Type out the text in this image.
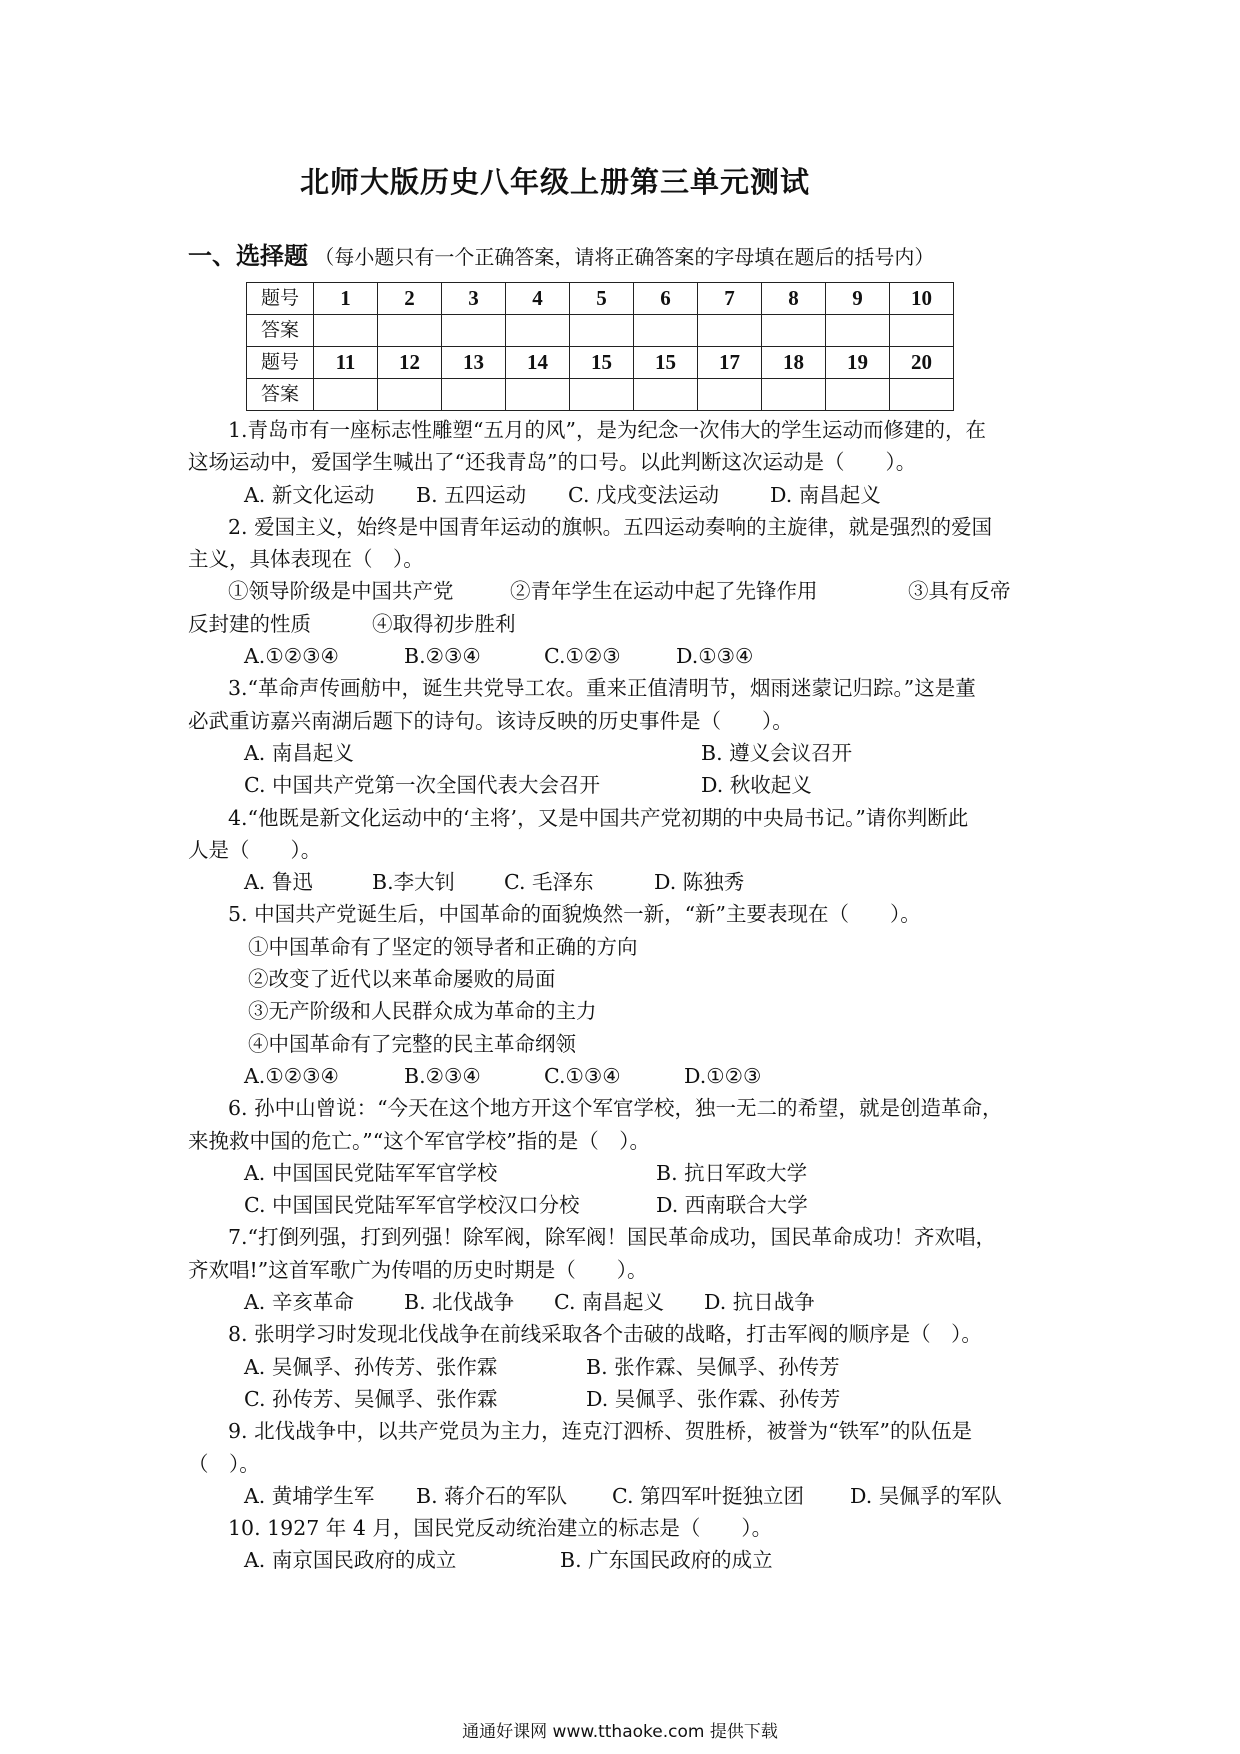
北师大版历史八年级上册第三单元测试
一、选择题 （每小题只有一个正确答案，请将正确答案的字母填在题后的括号内）
题号	1	2	3	4	5	6	7	8	9	10
答案										
题号	11	12	13	14	15	15	17	18	19	20
答案										
1.青岛市有一座标志性雕塑“五月的风”，是为纪念一次伟大的学生运动而修建的，在
这场运动中，爱国学生喊出了“还我青岛”的口号。以此判断这次运动是（　　）。
A. 新文化运动 B. 五四运动 C. 戊戌变法运动 D. 南昌起义
2. 爱国主义，始终是中国青年运动的旗帜。五四运动奏响的主旋律，就是强烈的爱国
主义，具体表现在（　）。
①领导阶级是中国共产党	②青年学生在运动中起了先锋作用	③具有反帝
反封建的性质	④取得初步胜利
A.①②③④	B.②③④	C.①②③	D.①③④
3.“革命声传画舫中，诞生共党导工农。重来正值清明节，烟雨迷蒙记归踪。”这是董
必武重访嘉兴南湖后题下的诗句。该诗反映的历史事件是（　　）。
A. 南昌起义	B. 遵义会议召开
C. 中国共产党第一次全国代表大会召开	D. 秋收起义
4.“他既是新文化运动中的‘主将’，又是中国共产党初期的中央局书记。”请你判断此
人是（　　）。
A. 鲁迅	B.李大钊 C. 毛泽东	D. 陈独秀
5. 中国共产党诞生后，中国革命的面貌焕然一新，“新”主要表现在（　　）。
①中国革命有了坚定的领导者和正确的方向
②改变了近代以来革命屡败的局面
③无产阶级和人民群众成为革命的主力
④中国革命有了完整的民主革命纲领
A.①②③④	B.②③④	C.①③④	D.①②③
6. 孙中山曾说：“今天在这个地方开这个军官学校，独一无二的希望，就是创造革命，
来挽救中国的危亡。”“这个军官学校”指的是（　）。
A. 中国国民党陆军军官学校	B. 抗日军政大学
C. 中国国民党陆军军官学校汉口分校	D. 西南联合大学
7.“打倒列强，打到列强！除军阀，除军阀！国民革命成功，国民革命成功！齐欢唱，
齐欢唱!”这首军歌广为传唱的历史时期是（　　）。
A. 辛亥革命 B. 北伐战争 C. 南昌起义 D. 抗日战争
8. 张明学习时发现北伐战争在前线采取各个击破的战略，打击军阀的顺序是（　）。
A. 吴佩孚、孙传芳、张作霖	B. 张作霖、吴佩孚、孙传芳
C. 孙传芳、吴佩孚、张作霖	D. 吴佩孚、张作霖、孙传芳
9. 北伐战争中，以共产党员为主力，连克汀泗桥、贺胜桥，被誉为“铁军”的队伍是
（　）。
A. 黄埔学生军 B. 蒋介石的军队 C. 第四军叶挺独立团 D. 吴佩孚的军队
10. 1927 年 4 月，国民党反动统治建立的标志是（　　）。
A. 南京国民政府的成立	B. 广东国民政府的成立
通通好课网 www.tthaoke.com 提供下载
